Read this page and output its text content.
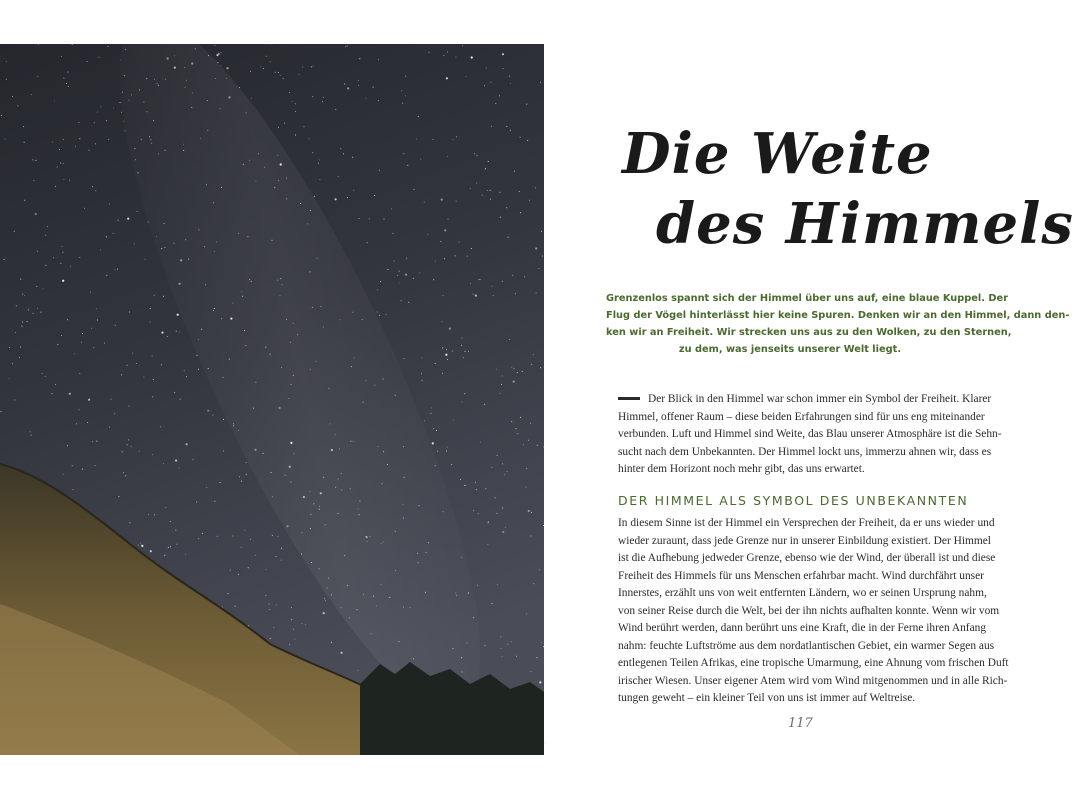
Die Weite
des Himmels
Grenzenlos spannt sich der Himmel über uns auf, eine blaue Kuppel. Der
Flug der Vögel hinterlässt hier keine Spuren. Denken wir an den Himmel, dann den-
ken wir an Freiheit. Wir strecken uns aus zu den Wolken, zu den Sternen,
zu dem, was jenseits unserer Welt liegt.
Der Blick in den Himmel war schon immer ein Symbol der Freiheit. Klarer
Himmel, offener Raum – diese beiden Erfahrungen sind für uns eng miteinander
verbunden. Luft und Himmel sind Weite, das Blau unserer Atmosphäre ist die Sehn-
sucht nach dem Unbekannten. Der Himmel lockt uns, immerzu ahnen wir, dass es
hinter dem Horizont noch mehr gibt, das uns erwartet.
DER HIMMEL ALS SYMBOL DES UNBEKANNTEN
In diesem Sinne ist der Himmel ein Versprechen der Freiheit, da er uns wieder und
wieder zuraunt, dass jede Grenze nur in unserer Einbildung existiert. Der Himmel
ist die Aufhebung jedweder Grenze, ebenso wie der Wind, der überall ist und diese
Freiheit des Himmels für uns Menschen erfahrbar macht. Wind durchfährt unser
Innerstes, erzählt uns von weit entfernten Ländern, wo er seinen Ursprung nahm,
von seiner Reise durch die Welt, bei der ihn nichts aufhalten konnte. Wenn wir vom
Wind berührt werden, dann berührt uns eine Kraft, die in der Ferne ihren Anfang
nahm: feuchte Luftströme aus dem nordatlantischen Gebiet, ein warmer Segen aus
entlegenen Teilen Afrikas, eine tropische Umarmung, eine Ahnung vom frischen Duft
irischer Wiesen. Unser eigener Atem wird vom Wind mitgenommen und in alle Rich-
tungen geweht – ein kleiner Teil von uns ist immer auf Weltreise.
117
